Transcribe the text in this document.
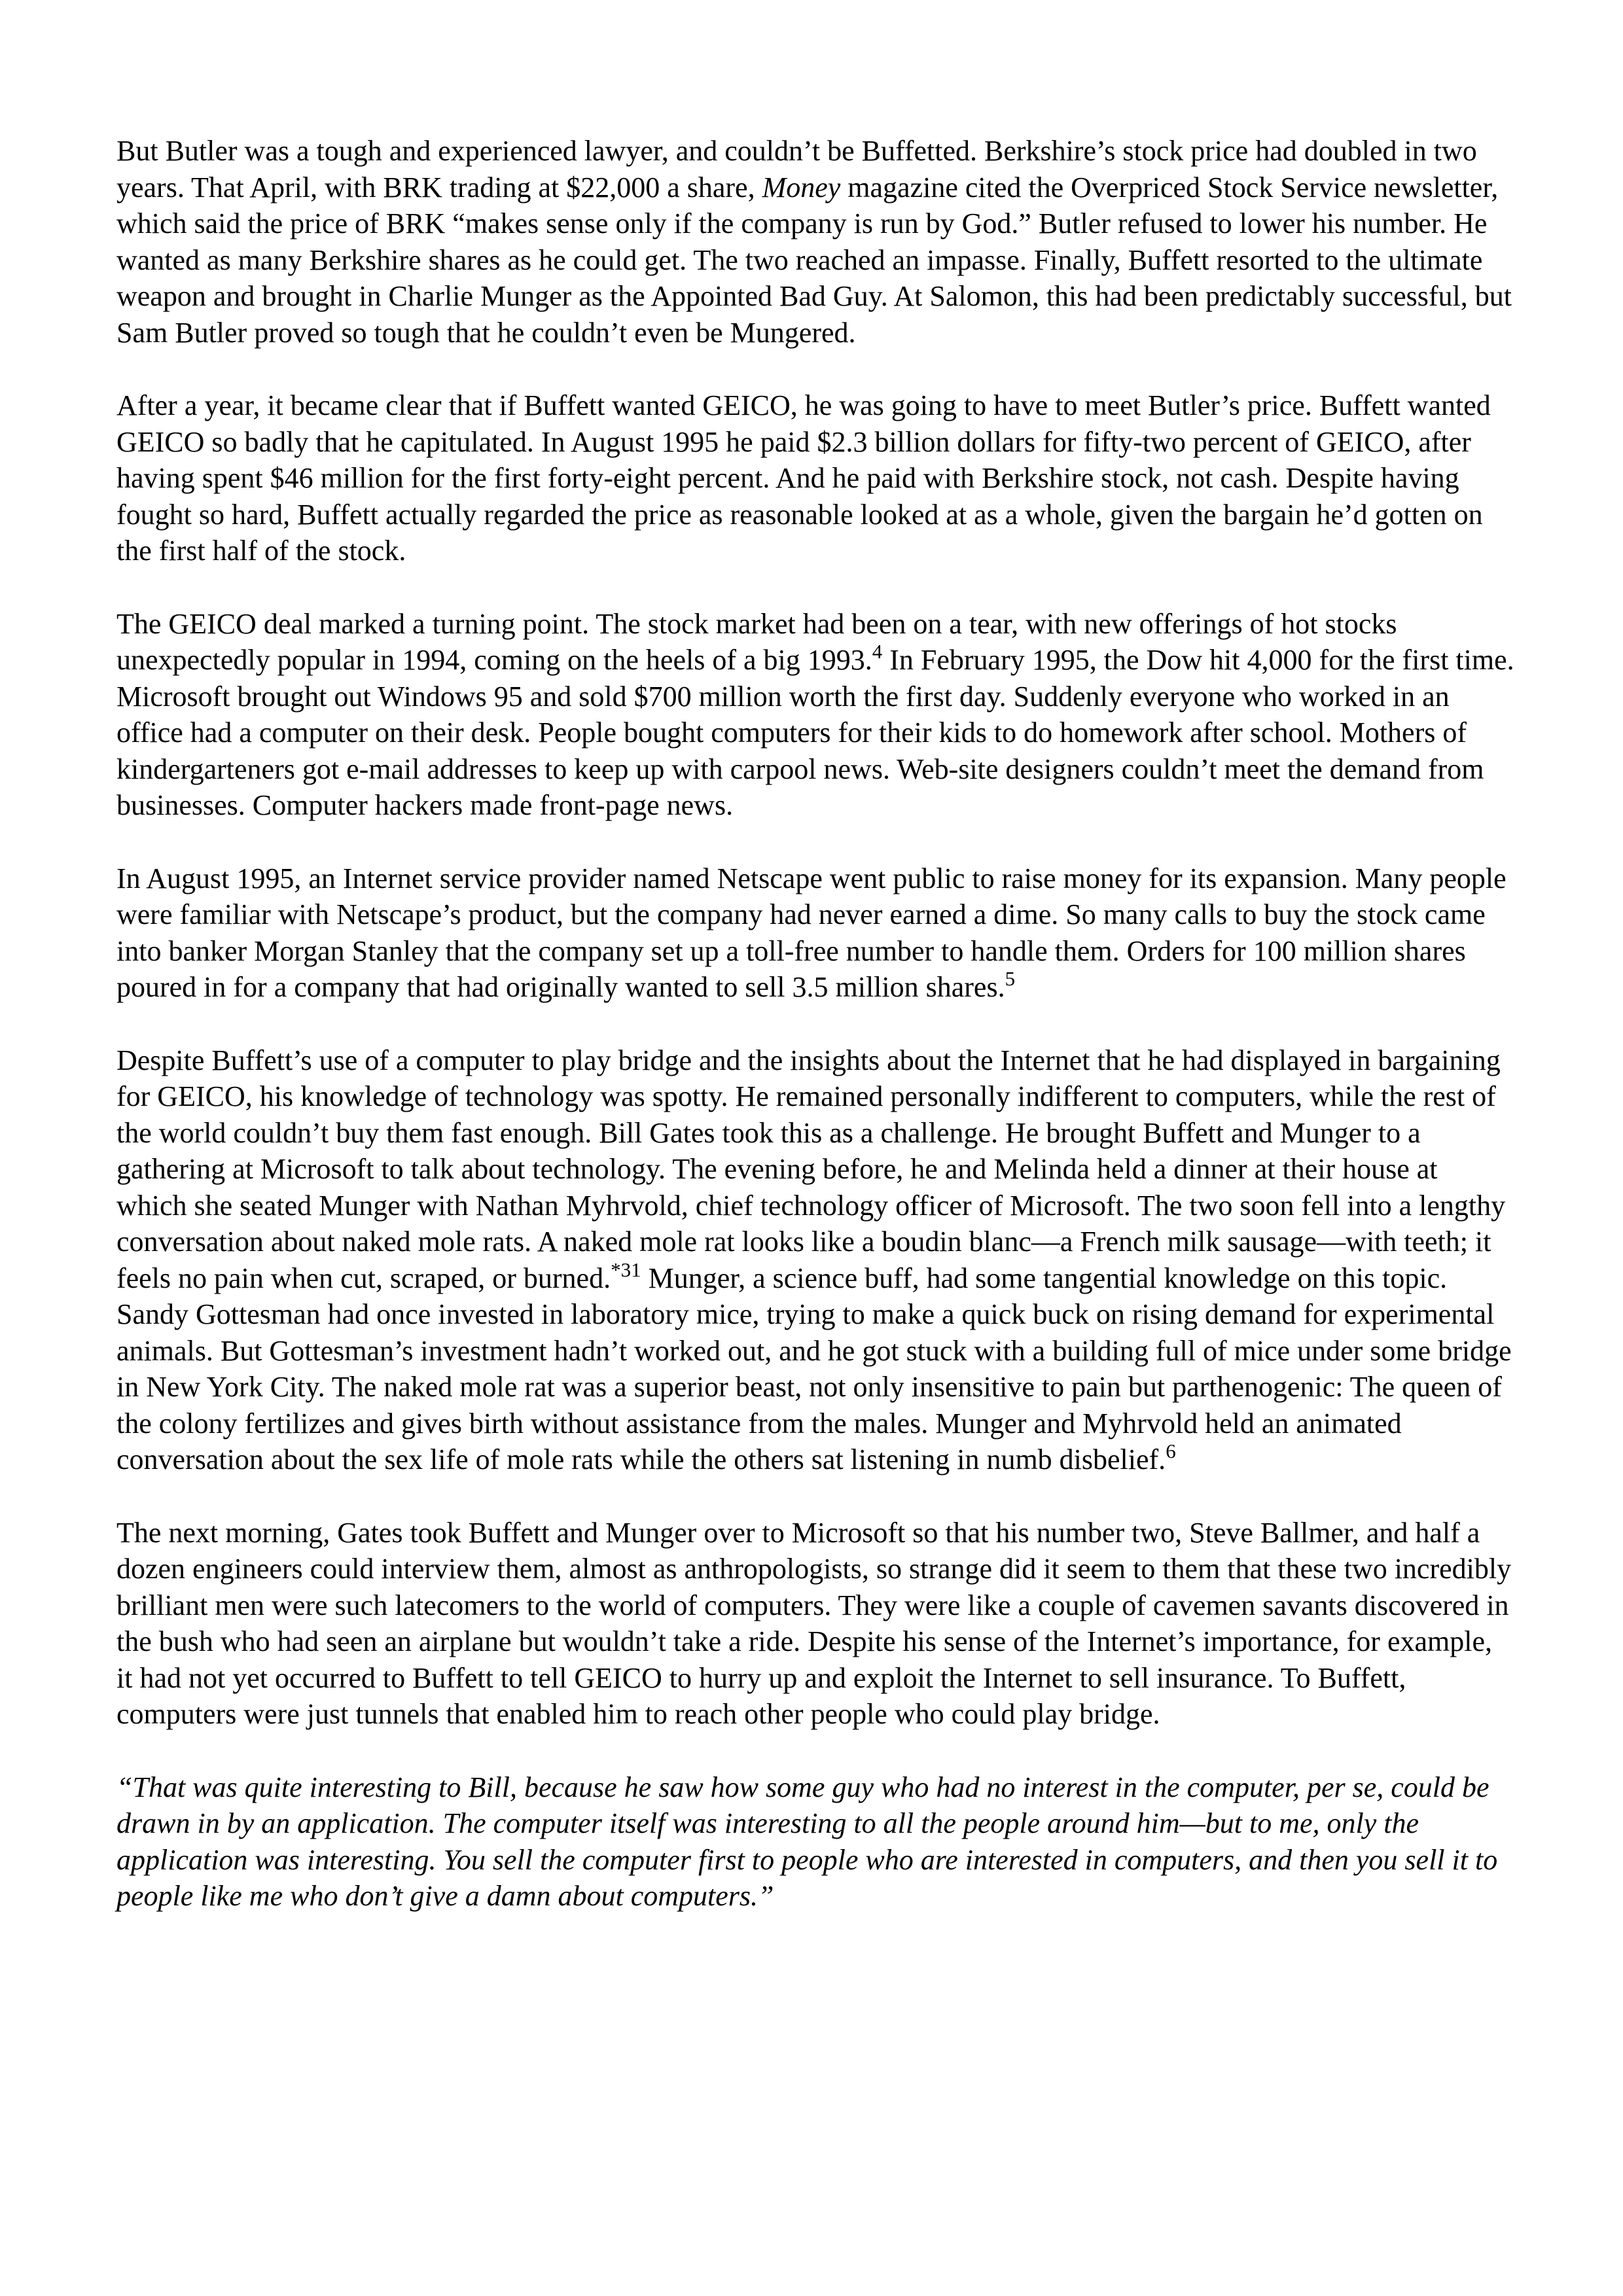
But Butler was a tough and experienced lawyer, and couldn’t be Buffetted. Berkshire’s stock price had doubled in two years. That April, with BRK trading at $22,000 a share, Money magazine cited the Overpriced Stock Service newsletter, which said the price of BRK “makes sense only if the company is run by God.” Butler refused to lower his number. He wanted as many Berkshire shares as he could get. The two reached an impasse. Finally, Buffett resorted to the ultimate weapon and brought in Charlie Munger as the Appointed Bad Guy. At Salomon, this had been predictably successful, but Sam Butler proved so tough that he couldn’t even be Mungered.

After a year, it became clear that if Buffett wanted GEICO, he was going to have to meet Butler’s price. Buffett wanted GEICO so badly that he capitulated. In August 1995 he paid $2.3 billion dollars for fifty-two percent of GEICO, after having spent $46 million for the first forty-eight percent. And he paid with Berkshire stock, not cash. Despite having fought so hard, Buffett actually regarded the price as reasonable looked at as a whole, given the bargain he’d gotten on the first half of the stock.

The GEICO deal marked a turning point. The stock market had been on a tear, with new offerings of hot stocks unexpectedly popular in 1994, coming on the heels of a big 1993.$^4$ In February 1995, the Dow hit 4,000 for the first time. Microsoft brought out Windows 95 and sold $700 million worth the first day. Suddenly everyone who worked in an office had a computer on their desk. People bought computers for their kids to do homework after school. Mothers of kindergarteners got e-mail addresses to keep up with carpool news. Web-site designers couldn’t meet the demand from businesses. Computer hackers made front-page news.

In August 1995, an Internet service provider named Netscape went public to raise money for its expansion. Many people were familiar with Netscape’s product, but the company had never earned a dime. So many calls to buy the stock came into banker Morgan Stanley that the company set up a toll-free number to handle them. Orders for 100 million shares poured in for a company that had originally wanted to sell 3.5 million shares.$^5$

Despite Buffett’s use of a computer to play bridge and the insights about the Internet that he had displayed in bargaining for GEICO, his knowledge of technology was spotty. He remained personally indifferent to computers, while the rest of the world couldn’t buy them fast enough. Bill Gates took this as a challenge. He brought Buffett and Munger to a gathering at Microsoft to talk about technology. The evening before, he and Melinda held a dinner at their house at which she seated Munger with Nathan Myhrvold, chief technology officer of Microsoft. The two soon fell into a lengthy conversation about naked mole rats. A naked mole rat looks like a boudin blanc—a French milk sausage—with teeth; it feels no pain when cut, scraped, or burned.$^{*31}$ Munger, a science buff, had some tangential knowledge on this topic. Sandy Gottesman had once invested in laboratory mice, trying to make a quick buck on rising demand for experimental animals. But Gottesman’s investment hadn’t worked out, and he got stuck with a building full of mice under some bridge in New York City. The naked mole rat was a superior beast, not only insensitive to pain but parthenogenic: The queen of the colony fertilizes and gives birth without assistance from the males. Munger and Myhrvold held an animated conversation about the sex life of mole rats while the others sat listening in numb disbelief.$^6$

The next morning, Gates took Buffett and Munger over to Microsoft so that his number two, Steve Ballmer, and half a dozen engineers could interview them, almost as anthropologists, so strange did it seem to them that these two incredibly brilliant men were such latecomers to the world of computers. They were like a couple of cavemen savants discovered in the bush who had seen an airplane but wouldn’t take a ride. Despite his sense of the Internet’s importance, for example, it had not yet occurred to Buffett to tell GEICO to hurry up and exploit the Internet to sell insurance. To Buffett, computers were just tunnels that enabled him to reach other people who could play bridge.

“That was quite interesting to Bill, because he saw how some guy who had no interest in the computer, per se, could be drawn in by an application. The computer itself was interesting to all the people around him—but to me, only the application was interesting. You sell the computer first to people who are interested in computers, and then you sell it to people like me who don’t give a damn about computers.”
